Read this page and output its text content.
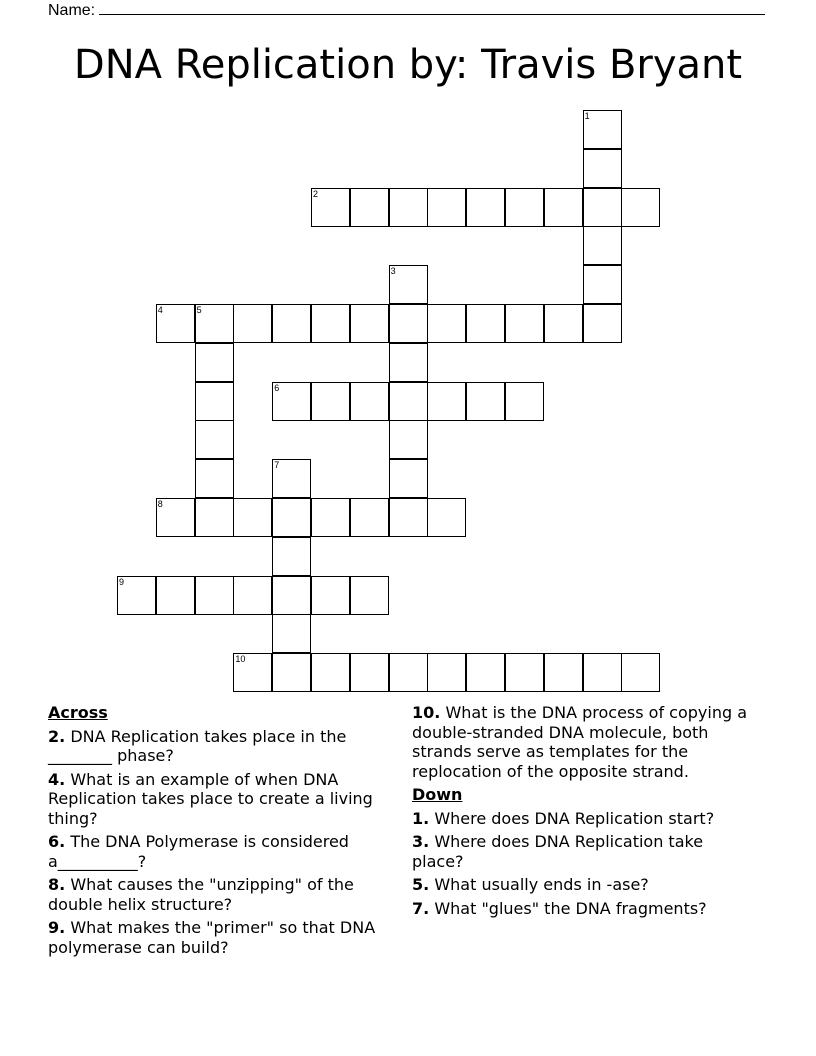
Name:
DNA Replication by: Travis Bryant
1
2
3
4	5
6
7
8
9
10
Across
2. DNA Replication takes place in the ________ phase?
4. What is an example of when DNA Replication takes place to create a living thing?
6. The DNA Polymerase is considered a__________?
8. What causes the "unzipping" of the double helix structure?
9. What makes the "primer" so that DNA polymerase can build?
10. What is the DNA process of copying a double-stranded DNA molecule, both strands serve as templates for the replocation of the opposite strand.
Down
1. Where does DNA Replication start?
3. Where does DNA Replication take place?
5. What usually ends in -ase?
7. What "glues" the DNA fragments?
